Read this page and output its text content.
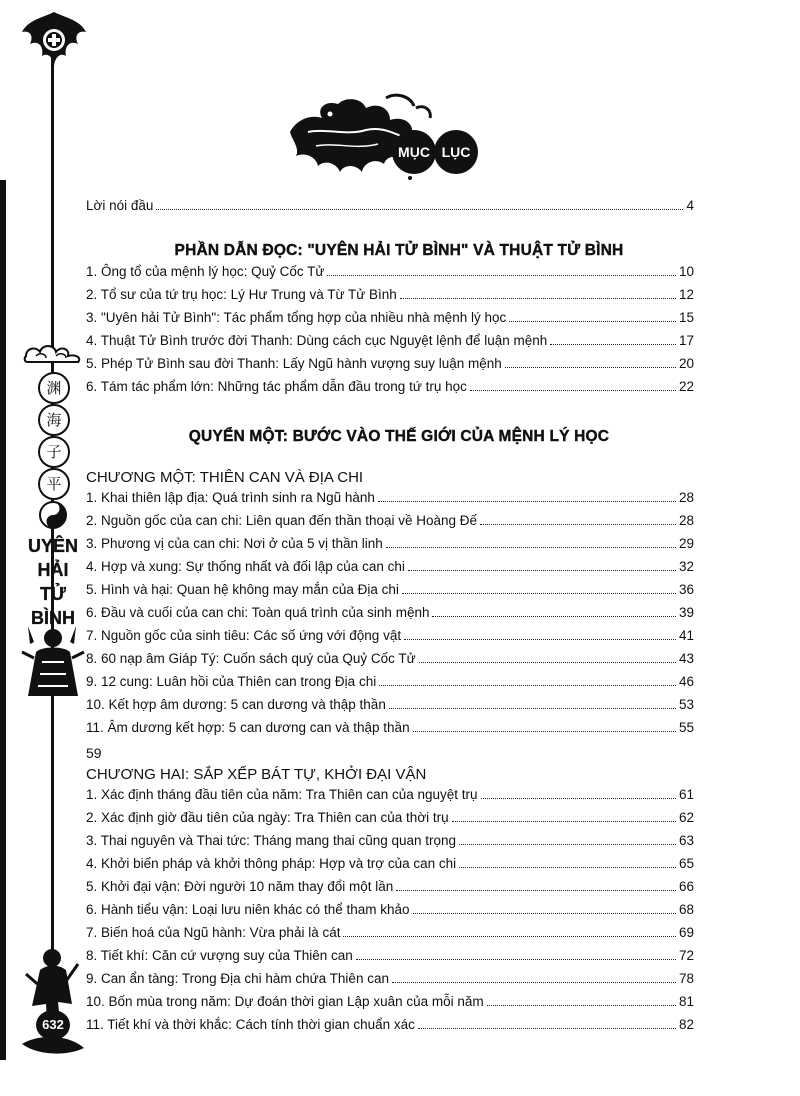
渊
海
子
平
UYÊN
HẢI
TỬ
BÌNH
632
MỤC LỤC
Lời nói đầu	4
PHẦN DẪN ĐỌC: "UYÊN HẢI TỬ BÌNH" VÀ THUẬT TỬ BÌNH
1. Ông tổ của mệnh lý học: Quỷ Cốc Tử	10
2. Tổ sư của tứ trụ học: Lý Hư Trung và Từ Tử Bình	12
3. "Uyên hải Tử Bình": Tác phẩm tổng hợp của nhiều nhà mệnh lý học	15
4. Thuật Tử Bình trước đời Thanh: Dùng cách cục Nguyệt lệnh để luận mệnh	17
5. Phép Tử Bình sau đời Thanh: Lấy Ngũ hành vượng suy luận mệnh	20
6. Tám tác phẩm lớn: Những tác phẩm dẫn đầu trong tứ trụ học	22
QUYỂN MỘT: BƯỚC VÀO THẾ GIỚI CỦA MỆNH LÝ HỌC
CHƯƠNG MỘT: THIÊN CAN VÀ ĐỊA CHI
1. Khai thiên lập địa: Quá trình sinh ra Ngũ hành	28
2. Nguồn gốc của can chi: Liên quan đến thần thoại về Hoàng Đế	28
3. Phương vị của can chi: Nơi ở của 5 vị thần linh	29
4. Hợp và xung: Sự thống nhất và đối lập của can chi	32
5. Hình và hại: Quan hệ không may mắn của Địa chi	36
6. Đầu và cuối của can chi: Toàn quá trình của sinh mệnh	39
7. Nguồn gốc của sinh tiêu: Các số ứng với động vật	41
8. 60 nạp âm Giáp Tý: Cuốn sách quý của Quỷ Cốc Tử	43
9. 12 cung: Luân hồi của Thiên can trong Địa chi	46
10. Kết hợp âm dương: 5 can dương và thập thần	53
11. Âm dương kết hợp: 5 can dương can và thập thần	55
59
CHƯƠNG HAI: SẮP XẾP BÁT TỰ, KHỞI ĐẠI VẬN
1. Xác định tháng đầu tiên của năm: Tra Thiên can của nguyệt trụ	61
2. Xác định giờ đầu tiên của ngày: Tra Thiên can của thời trụ	62
3. Thai nguyên và Thai tức: Tháng mang thai cũng quan trọng	63
4. Khởi biến pháp và khởi thông pháp: Hợp và trợ của can chi	65
5. Khởi đại vận: Đời người 10 năm thay đổi một lần	66
6. Hành tiểu vận: Loại lưu niên khác có thể tham khảo	68
7. Biến hoá của Ngũ hành: Vừa phải là cát	69
8. Tiết khí: Căn cứ vượng suy của Thiên can	72
9. Can ẩn tàng: Trong Địa chi hàm chứa Thiên can	78
10. Bốn mùa trong năm: Dự đoán thời gian Lập xuân của mỗi năm	81
11. Tiết khí và thời khắc: Cách tính thời gian chuẩn xác	82
